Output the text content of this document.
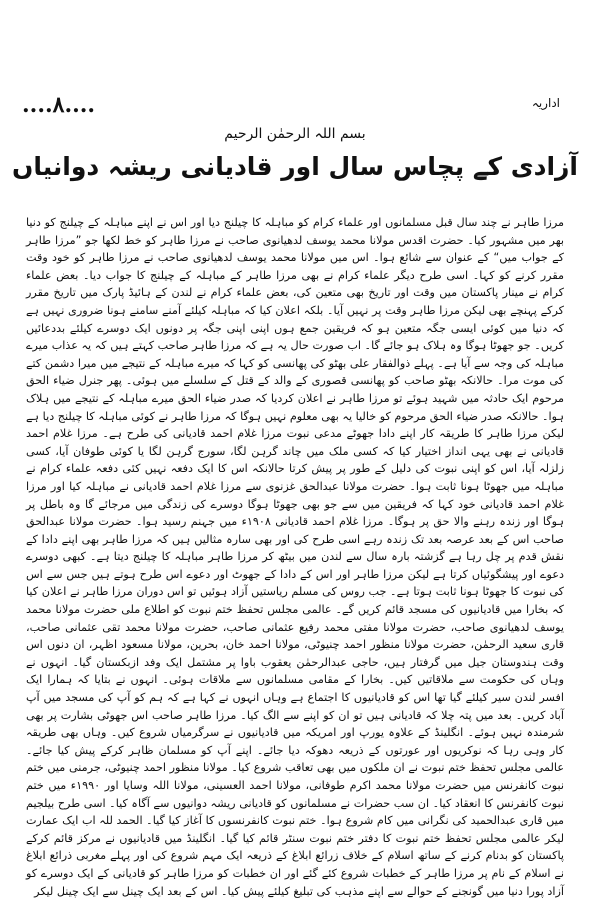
....۸....	اداریہ
بسم اللہ الرحمٰن الرحیم
آزادی کے پچاس سال اور قادیانی ریشہ دوانیاں
مرزا طاہر نے چند سال قبل مسلمانوں اور علماء کرام کو مباہلہ کا چیلنج دیا اور اس نے اپنے مباہلہ کے چیلنج کو دنیا بھر میں مشہور کیا۔ حضرت اقدس مولانا محمد یوسف لدھیانوی صاحب نے مرزا طاہر کو خط لکھا جو ”مرزا طاہر کے جواب میں“ کے عنوان سے شائع ہوا۔ اس میں مولانا محمد یوسف لدھیانوی صاحب نے مرزا طاہر کو خود وقت مقرر کرنے کو کہا۔ اسی طرح دیگر علماء کرام نے بھی مرزا طاہر کے مباہلہ کے چیلنج کا جواب دیا۔ بعض علماء کرام نے مینار پاکستان میں وقت اور تاریخ بھی متعین کی، بعض علماء کرام نے لندن کے ہائیڈ پارک میں تاریخ مقرر کرکے پہنچے بھی لیکن مرزا طاہر وقت پر نہیں آیا۔ بلکہ اعلان کیا کہ مباہلہ کیلئے آمنے سامنے ہونا ضروری نہیں ہے کہ دنیا میں کوئی ایسی جگہ متعین ہو کہ فریقین جمع ہوں اپنی اپنی جگہ پر دونوں ایک دوسرے کیلئے بددعائیں کریں۔ جو جھوٹا ہوگا وہ ہلاک ہو جائے گا۔ اب صورت حال یہ ہے کہ مرزا طاہر صاحب کہتے ہیں کہ یہ عذاب میرے مباہلہ کی وجہ سے آیا ہے۔ پہلے ذوالفقار علی بھٹو کی پھانسی کو کہا کہ میرے مباہلہ کے نتیجے میں میرا دشمن کتے کی موت مرا۔ حالانکہ بھٹو صاحب کو پھانسی قصوری کے والد کے قتل کے سلسلے میں ہوئی۔ پھر جنرل ضیاء الحق مرحوم ایک حادثہ میں شہید ہوئے تو مرزا طاہر نے اعلان کردیا کہ صدر ضیاء الحق میرے مباہلہ کے نتیجے میں ہلاک ہوا۔ حالانکہ صدر ضیاء الحق مرحوم کو خالیا یہ بھی معلوم نہیں ہوگا کہ مرزا طاہر نے کوئی مباہلہ کا چیلنج دیا ہے لیکن مرزا طاہر کا طریقہ کار اپنے دادا جھوٹے مدعی نبوت مرزا غلام احمد قادیانی کی طرح ہے۔ مرزا غلام احمد قادیانی نے بھی یہی انداز اختیار کیا کہ کسی ملک میں چاند گرہن لگا، سورج گرہن لگا یا کوئی طوفان آیا، کسی زلزلہ آیا، اس کو اپنی نبوت کی دلیل کے طور پر پیش کرتا حالانکہ اس کا ایک دفعہ نہیں کئی دفعہ علماء کرام نے مباہلہ میں جھوٹا ہونا ثابت ہوا۔ حضرت مولانا عبدالحق غزنوی سے مرزا غلام احمد قادیانی نے مباہلہ کیا اور مرزا غلام احمد قادیانی خود کہا کہ فریقین میں سے جو بھی جھوٹا ہوگا دوسرے کی زندگی میں مرجائے گا وہ باطل پر ہوگا اور زندہ رہنے والا حق پر ہوگا۔ مرزا غلام احمد قادیانی ۱۹۰۸ء میں جہنم رسید ہوا۔ حضرت مولانا عبدالحق صاحب اس کے بعد عرصہ بعد تک زندہ رہے اسی طرح کی اور بھی سارہ مثالیں ہیں کہ مرزا طاہر بھی اپنے دادا کے نقش قدم پر چل رہا ہے گزشتہ بارہ سال سے لندن میں بیٹھ کر مرزا طاہر مباہلہ کا چیلنج دیتا ہے۔ کبھی دوسرے دعوے اور پیشگوئیاں کرتا ہے لیکن مرزا طاہر اور اس کے دادا کے جھوٹ اور دعوے اس طرح ہوتے ہیں جس سے اس کی نبوت کا جھوٹا ہونا ثابت ہوتا ہے۔ جب روس کی مسلم ریاستیں آزاد ہوئیں تو اس دوران مرزا طاہر نے اعلان کیا کہ بخارا میں قادیانیوں کی مسجد قائم کریں گے۔ عالمی مجلس تحفظ ختم نبوت کو اطلاع ملی حضرت مولانا محمد یوسف لدھیانوی صاحب، حضرت مولانا مفتی محمد رفیع عثمانی صاحب، حضرت مولانا محمد تقی عثمانی صاحب، قاری سعید الرحمٰن، حضرت مولانا منظور احمد چنیوٹی، مولانا احمد خان، بحرین، مولانا مسعود اظہر، ان دنوں اس وقت ہندوستان جیل میں گرفتار ہیں، حاجی عبدالرحمٰن یعقوب باوا پر مشتمل ایک وفد ازبکستان گیا۔ انہوں نے وہاں کی حکومت سے ملاقاتیں کیں۔ بخارا کے مقامی مسلمانوں سے ملاقات ہوئی۔ انہوں نے بتایا کہ ہمارا ایک افسر لندن سیر کیلئے گیا تھا اس کو قادیانیوں کا اجتماع ہے وہاں انہوں نے کہا ہے کہ ہم کو آپ کی مسجد میں آپ آباد کریں۔ بعد میں پتہ چلا کہ قادیانی ہیں تو ان کو اپنے سے الگ کیا۔ مرزا طاہر صاحب اس جھوٹی بشارت پر بھی شرمندہ نہیں ہوئے۔ انگلینڈ کے علاوہ یورپ اور امریکہ میں قادیانیوں نے سرگرمیاں شروع کیں۔ وہاں بھی طریقہ کار وہی رہا کہ نوکریوں اور عورتوں کے ذریعہ دھوکہ دیا جائے۔ اپنے آپ کو مسلمان ظاہر کرکے پیش کیا جائے۔ عالمی مجلس تحفظ ختم نبوت نے ان ملکوں میں بھی تعاقب شروع کیا۔ مولانا منظور احمد چنیوٹی، جرمنی میں ختم نبوت کانفرنس میں حضرت مولانا محمد اکرم طوفانی، مولانا احمد العسینی، مولانا اللہ وسایا اور ۱۹۹۰ء میں ختم نبوت کانفرنس کا انعقاد کیا۔ ان سب حضرات نے مسلمانوں کو قادیانی ریشہ دوانیوں سے آگاہ کیا۔ اسی طرح بیلجیم میں قاری عبدالحمید کی نگرانی میں کام شروع ہوا۔ ختم نبوت کانفرنسوں کا آغاز کیا گیا۔ الحمد للہ اب ایک عمارت لیکر عالمی مجلس تحفظ ختم نبوت کا دفتر ختم نبوت سنٹر قائم کیا گیا۔ انگلینڈ میں قادیانیوں نے مرکز قائم کرکے پاکستان کو بدنام کرنے کے ساتھ اسلام کے خلاف زرائع ابلاغ کے ذریعہ ایک مہم شروع کی اور پہلے مغربی ذرائع ابلاغ نے اسلام کے نام پر مرزا طاہر کے خطبات شروع کئے گئے اور ان خطبات کو مرزا طاہر کو قادیانی کے ایک دوسرے کو آزاد پورا دنیا میں گونجنے کے حوالے سے اپنے مذہب کی تبلیغ کیلئے پیش کیا۔ اس کے بعد ایک چینل سے ایک چینل لیکر
